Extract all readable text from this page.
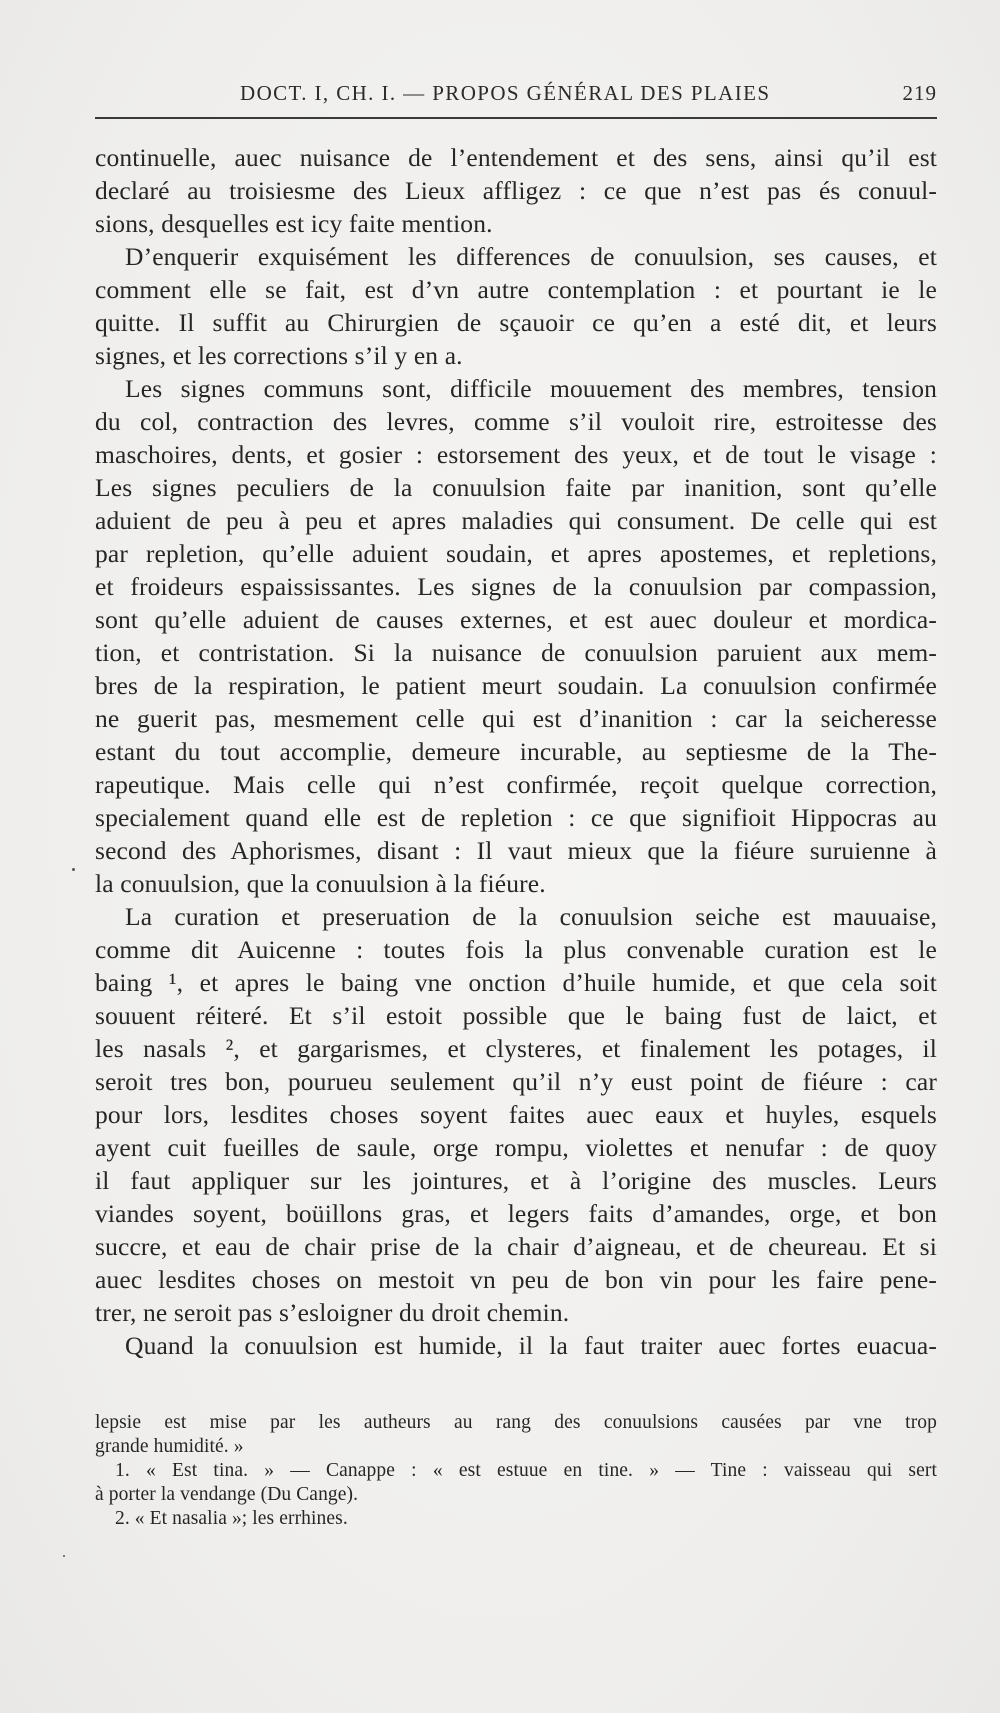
DOCT. I, CH. I. — PROPOS GÉNÉRAL DES PLAIES	219
continuelle, auec nuisance de l’entendement et des sens, ainsi qu’il est
declaré au troisiesme des Lieux affligez : ce que n’est pas és conuul-
sions, desquelles est icy faite mention.
D’enquerir exquisément les differences de conuulsion, ses causes, et
comment elle se fait, est d’vn autre contemplation : et pourtant ie le
quitte. Il suffit au Chirurgien de sçauoir ce qu’en a esté dit, et leurs
signes, et les corrections s’il y en a.
Les signes communs sont, difficile mouuement des membres, tension
du col, contraction des levres, comme s’il vouloit rire, estroitesse des
maschoires, dents, et gosier : estorsement des yeux, et de tout le visage :
Les signes peculiers de la conuulsion faite par inanition, sont qu’elle
aduient de peu à peu et apres maladies qui consument. De celle qui est
par repletion, qu’elle aduient soudain, et apres apostemes, et repletions,
et froideurs espaississantes. Les signes de la conuulsion par compassion,
sont qu’elle aduient de causes externes, et est auec douleur et mordica-
tion, et contristation. Si la nuisance de conuulsion paruient aux mem-
bres de la respiration, le patient meurt soudain. La conuulsion confirmée
ne guerit pas, mesmement celle qui est d’inanition : car la seicheresse
estant du tout accomplie, demeure incurable, au septiesme de la The-
rapeutique. Mais celle qui n’est confirmée, reçoit quelque correction,
specialement quand elle est de repletion : ce que signifioit Hippocras au
second des Aphorismes, disant : Il vaut mieux que la fiéure suruienne à
la conuulsion, que la conuulsion à la fiéure.
La curation et preseruation de la conuulsion seiche est mauuaise,
comme dit Auicenne : toutes fois la plus convenable curation est le
baing ¹, et apres le baing vne onction d’huile humide, et que cela soit
souuent réiteré. Et s’il estoit possible que le baing fust de laict, et
les nasals ², et gargarismes, et clysteres, et finalement les potages, il
seroit tres bon, pourueu seulement qu’il n’y eust point de fiéure : car
pour lors, lesdites choses soyent faites auec eaux et huyles, esquels
ayent cuit fueilles de saule, orge rompu, violettes et nenufar : de quoy
il faut appliquer sur les jointures, et à l’origine des muscles. Leurs
viandes soyent, boüillons gras, et legers faits d’amandes, orge, et bon
succre, et eau de chair prise de la chair d’aigneau, et de cheureau. Et si
auec lesdites choses on mestoit vn peu de bon vin pour les faire pene-
trer, ne seroit pas s’esloigner du droit chemin.
Quand la conuulsion est humide, il la faut traiter auec fortes euacua-
lepsie est mise par les autheurs au rang des conuulsions causées par vne trop
grande humidité. »
1. « Est tina. » — Canappe : « est estuue en tine. » — Tine : vaisseau qui sert
à porter la vendange (Du Cange).
2. « Et nasalia »; les errhines.
